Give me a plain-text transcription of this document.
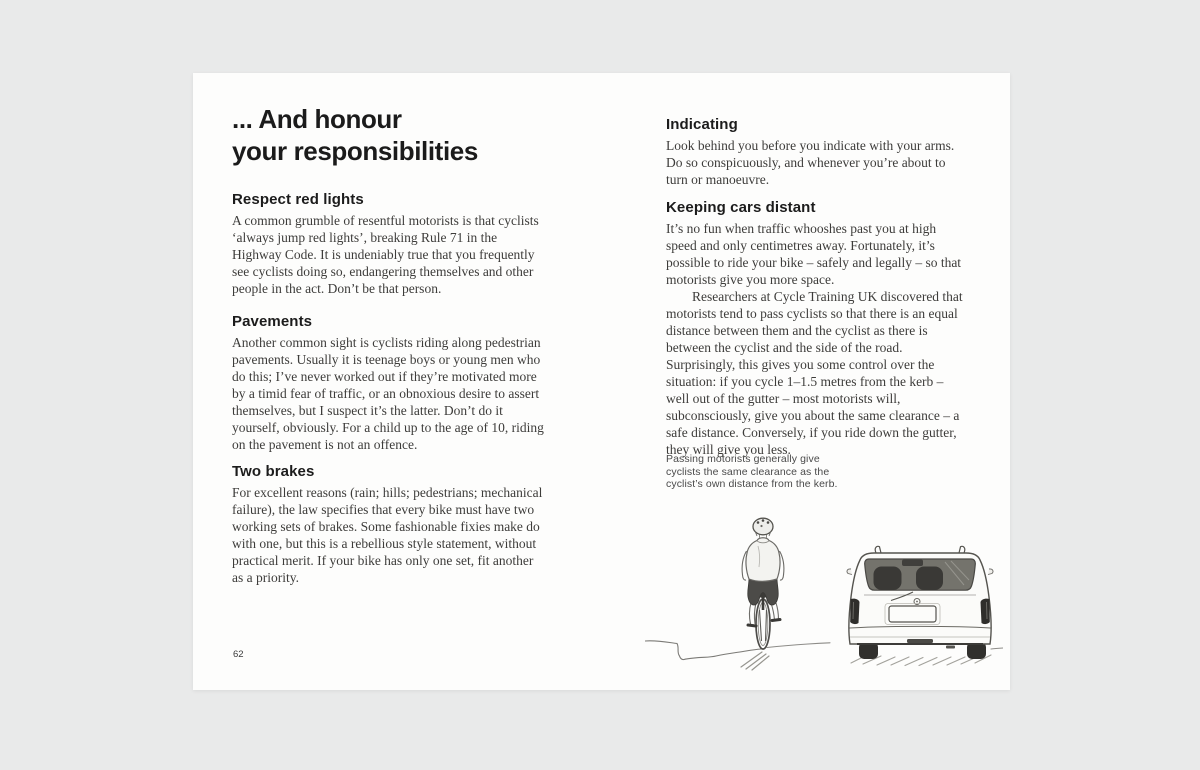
... And honour
your responsibilities
Respect red lights

A common grumble of resentful motorists is that cyclists ‘always jump red lights’, breaking Rule 71 in the Highway Code. It is undeniably true that you frequently see cyclists doing so, endangering themselves and other people in the act. Don’t be that person.

Pavements

Another common sight is cyclists riding along pedestrian pavements. Usually it is teenage boys or young men who do this; I’ve never worked out if they’re motivated more by a timid fear of traffic, or an obnoxious desire to assert themselves, but I suspect it’s the latter. Don’t do it yourself, obviously. For a child up to the age of 10, riding on the pavement is not an offence.

Two brakes

For excellent reasons (rain; hills; pedestrians; mechanical failure), the law specifies that every bike must have two working sets of brakes. Some fashionable fixies make do with one, but this is a rebellious style statement, without practical merit. If your bike has only one set, fit another as a priority.

62
Indicating

Look behind you before you indicate with your arms. Do so conspicuously, and whenever you’re about to turn or manoeuvre.

Keeping cars distant

It’s no fun when traffic whooshes past you at high speed and only centimetres away. Fortunately, it’s possible to ride your bike – safely and legally – so that motorists give you more space.

Researchers at Cycle Training UK discovered that motorists tend to pass cyclists so that there is an equal distance between them and the cyclist as there is between the cyclist and the side of the road. Surprisingly, this gives you some control over the situation: if you cycle 1–1.5 metres from the kerb – well out of the gutter – most motorists will, subconsciously, give you about the same clearance – a safe distance. Conversely, if you ride down the gutter, they will give you less.

Passing motorists generally give cyclists the same clearance as the cyclist’s own distance from the kerb.
